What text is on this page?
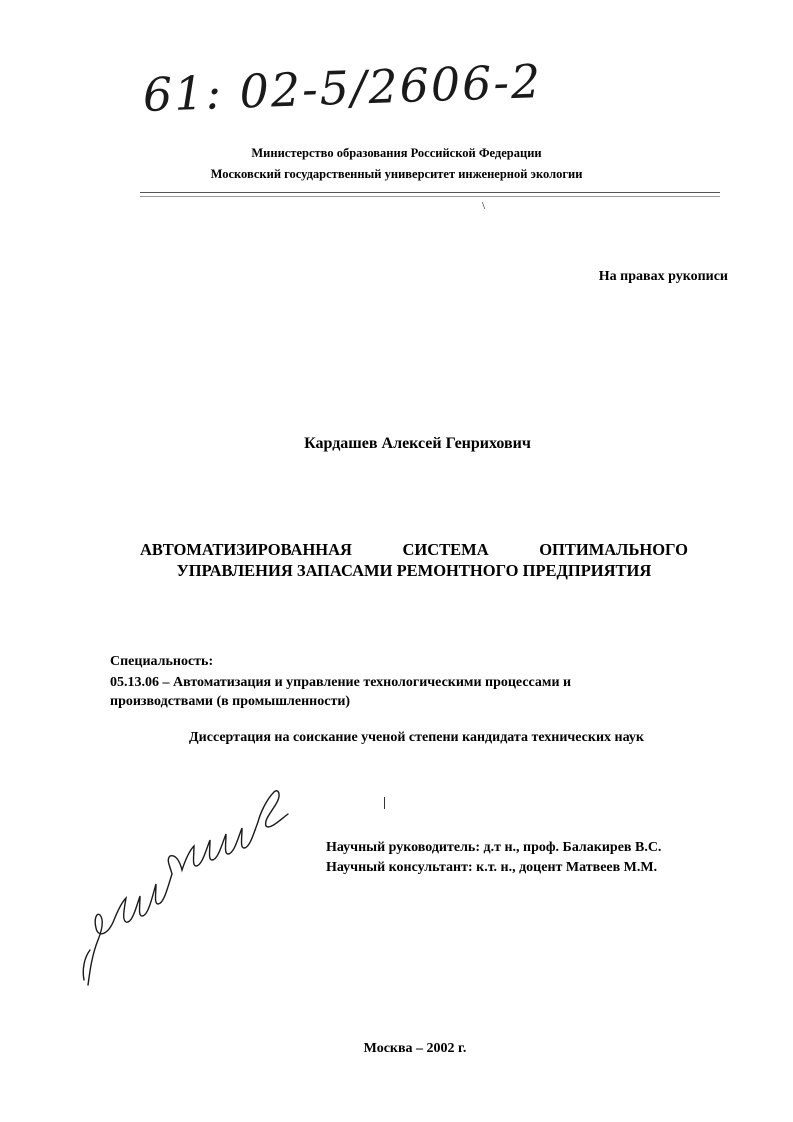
61: 02-5/2606-2
Министерство образования Российской Федерации
Московский государственный университет инженерной экологии
\
На правах рукописи
Кардашев Алексей Генрихович
АВТОМАТИЗИРОВАННАЯ	СИСТЕМА	ОПТИМАЛЬНОГО
УПРАВЛЕНИЯ ЗАПАСАМИ РЕМОНТНОГО ПРЕДПРИЯТИЯ
Специальность:
05.13.06 – Автоматизация и управление технологическими процессами и
производствами (в промышленности)
Диссертация на соискание ученой степени кандидата технических наук
Научный руководитель: д.т н., проф. Балакирев В.С.
Научный консультант: к.т. н., доцент Матвеев М.М.
Москва – 2002 г.
